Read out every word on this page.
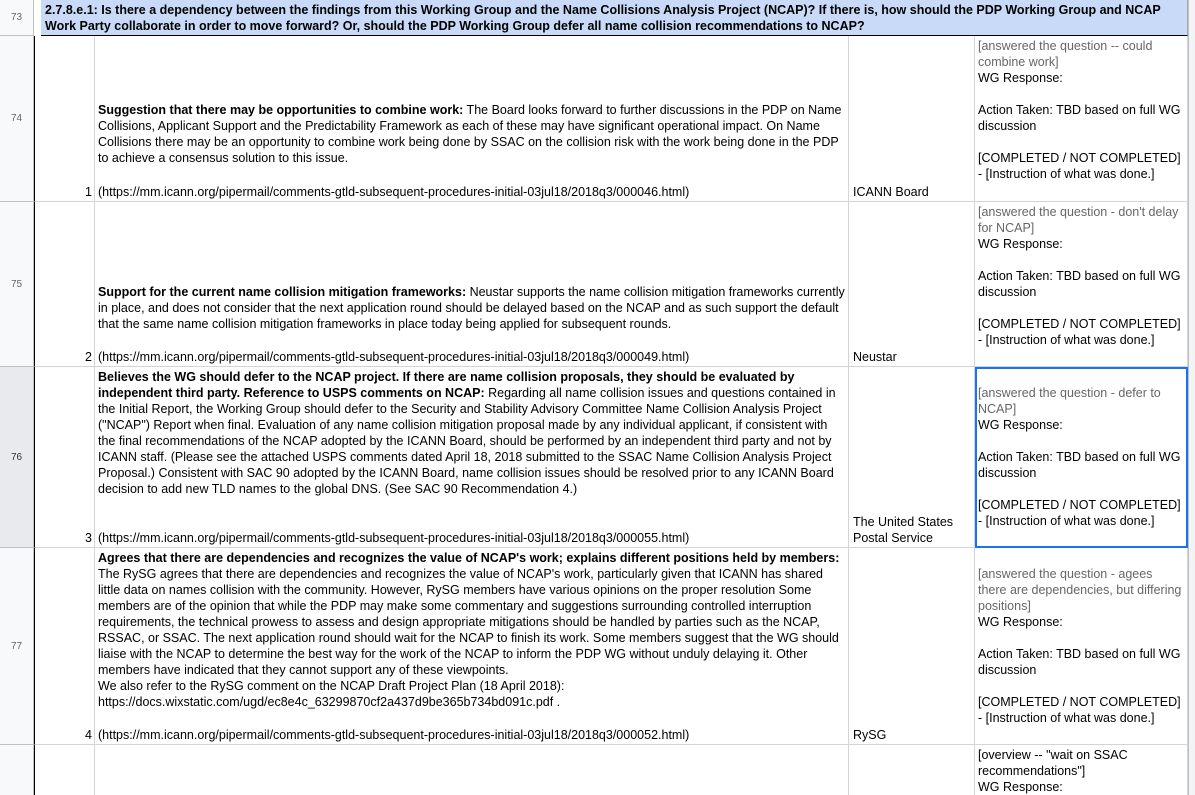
73
2.7.8.e.1: Is there a dependency between the findings from this Working Group and the Name Collisions Analysis Project (NCAP)? If there is, how should the PDP Working Group and NCAP Work Party collaborate in order to move forward? Or, should the PDP Working Group defer all name collision recommendations to NCAP?
74
1
Suggestion that there may be opportunities to combine work: The Board looks forward to further discussions in the PDP on Name Collisions, Applicant Support and the Predictability Framework as each of these may have significant operational impact. On Name Collisions there may be an opportunity to combine work being done by SSAC on the collision risk with the work being done in the PDP to achieve a consensus solution to this issue.
(https://mm.icann.org/pipermail/comments-gtld-subsequent-procedures-initial-03jul18/2018q3/000046.html)	ICANN Board
[answered the question -- could combine work]
WG Response:
Action Taken: TBD based on full WG discussion
[COMPLETED / NOT COMPLETED] - [Instruction of what was done.]
75
2
Support for the current name collision mitigation frameworks: Neustar supports the name collision mitigation frameworks currently in place, and does not consider that the next application round should be delayed based on the NCAP and as such support the default that the same name collision mitigation frameworks in place today being applied for subsequent rounds.
(https://mm.icann.org/pipermail/comments-gtld-subsequent-procedures-initial-03jul18/2018q3/000049.html)	Neustar
[answered the question - don't delay for NCAP]
WG Response:
Action Taken: TBD based on full WG discussion
[COMPLETED / NOT COMPLETED] - [Instruction of what was done.]
76
3
Believes the WG should defer to the NCAP project. If there are name collision proposals, they should be evaluated by independent third party. Reference to USPS comments on NCAP: Regarding all name collision issues and questions contained in the Initial Report, the Working Group should defer to the Security and Stability Advisory Committee Name Collision Analysis Project ("NCAP") Report when final. Evaluation of any name collision mitigation proposal made by any individual applicant, if consistent with the final recommendations of the NCAP adopted by the ICANN Board, should be performed by an independent third party and not by ICANN staff. (Please see the attached USPS comments dated April 18, 2018 submitted to the SSAC Name Collision Analysis Project Proposal.) Consistent with SAC 90 adopted by the ICANN Board, name collision issues should be resolved prior to any ICANN Board decision to add new TLD names to the global DNS. (See SAC 90 Recommendation 4.)
(https://mm.icann.org/pipermail/comments-gtld-subsequent-procedures-initial-03jul18/2018q3/000055.html)
The United States Postal Service
[answered the question - defer to NCAP]
WG Response:
Action Taken: TBD based on full WG discussion
[COMPLETED / NOT COMPLETED] - [Instruction of what was done.]
77
4
Agrees that there are dependencies and recognizes the value of NCAP's work; explains different positions held by members: The RySG agrees that there are dependencies and recognizes the value of NCAP's work, particularly given that ICANN has shared little data on names collision with the community. However, RySG members have various opinions on the proper resolution Some members are of the opinion that while the PDP may make some commentary and suggestions surrounding controlled interruption requirements, the technical prowess to assess and design appropriate mitigations should be handled by parties such as the NCAP, RSSAC, or SSAC. The next application round should wait for the NCAP to finish its work. Some members suggest that the WG should liaise with the NCAP to determine the best way for the work of the NCAP to inform the PDP WG without unduly delaying it. Other members have indicated that they cannot support any of these viewpoints.
We also refer to the RySG comment on the NCAP Draft Project Plan (18 April 2018):
https://docs.wixstatic.com/ugd/ec8e4c_63299870cf2a437d9be365b734bd091c.pdf .
(https://mm.icann.org/pipermail/comments-gtld-subsequent-procedures-initial-03jul18/2018q3/000052.html)	RySG
[answered the question - agees there are dependencies, but differing positions]
WG Response:
Action Taken: TBD based on full WG discussion
[COMPLETED / NOT COMPLETED] - [Instruction of what was done.]
[overview -- "wait on SSAC recommendations"]
WG Response:
